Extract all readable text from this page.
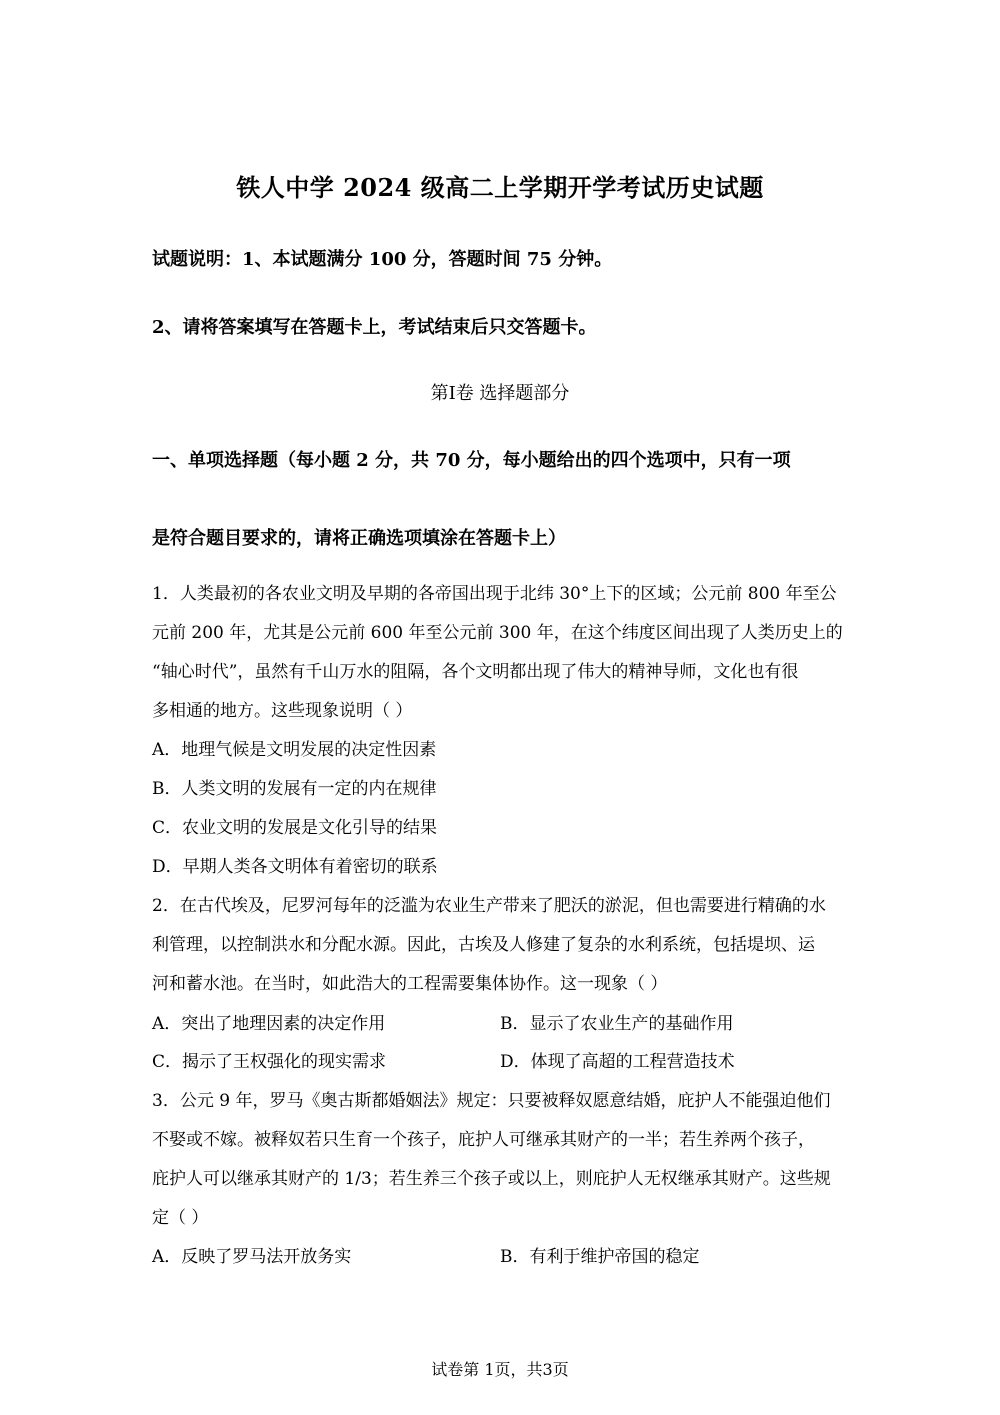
铁人中学 2024 级高二上学期开学考试历史试题
试题说明：1、本试题满分 100 分，答题时间 75 分钟。
2、请将答案填写在答题卡上，考试结束后只交答题卡。
第Ⅰ卷 选择题部分
一、单项选择题（每小题 2 分，共 70 分，每小题给出的四个选项中，只有一项
是符合题目要求的，请将正确选项填涂在答题卡上）
1．人类最初的各农业文明及早期的各帝国出现于北纬 30°上下的区域；公元前 800 年至公
元前 200 年，尤其是公元前 600 年至公元前 300 年，在这个纬度区间出现了人类历史上的
“轴心时代”，虽然有千山万水的阻隔，各个文明都出现了伟大的精神导师，文化也有很
多相通的地方。这些现象说明（ ）
A．地理气候是文明发展的决定性因素
B．人类文明的发展有一定的内在规律
C．农业文明的发展是文化引导的结果
D．早期人类各文明体有着密切的联系
2．在古代埃及，尼罗河每年的泛滥为农业生产带来了肥沃的淤泥，但也需要进行精确的水
利管理，以控制洪水和分配水源。因此，古埃及人修建了复杂的水利系统，包括堤坝、运
河和蓄水池。在当时，如此浩大的工程需要集体协作。这一现象（ ）
A．突出了地理因素的决定作用	B．显示了农业生产的基础作用
C．揭示了王权强化的现实需求	D．体现了高超的工程营造技术
3．公元 9 年，罗马《奥古斯都婚姻法》规定：只要被释奴愿意结婚，庇护人不能强迫他们
不娶或不嫁。被释奴若只生育一个孩子，庇护人可继承其财产的一半；若生养两个孩子，
庇护人可以继承其财产的 1/3；若生养三个孩子或以上，则庇护人无权继承其财产。这些规
定（ ）
A．反映了罗马法开放务实	B．有利于维护帝国的稳定
试卷第 1页，共3页
